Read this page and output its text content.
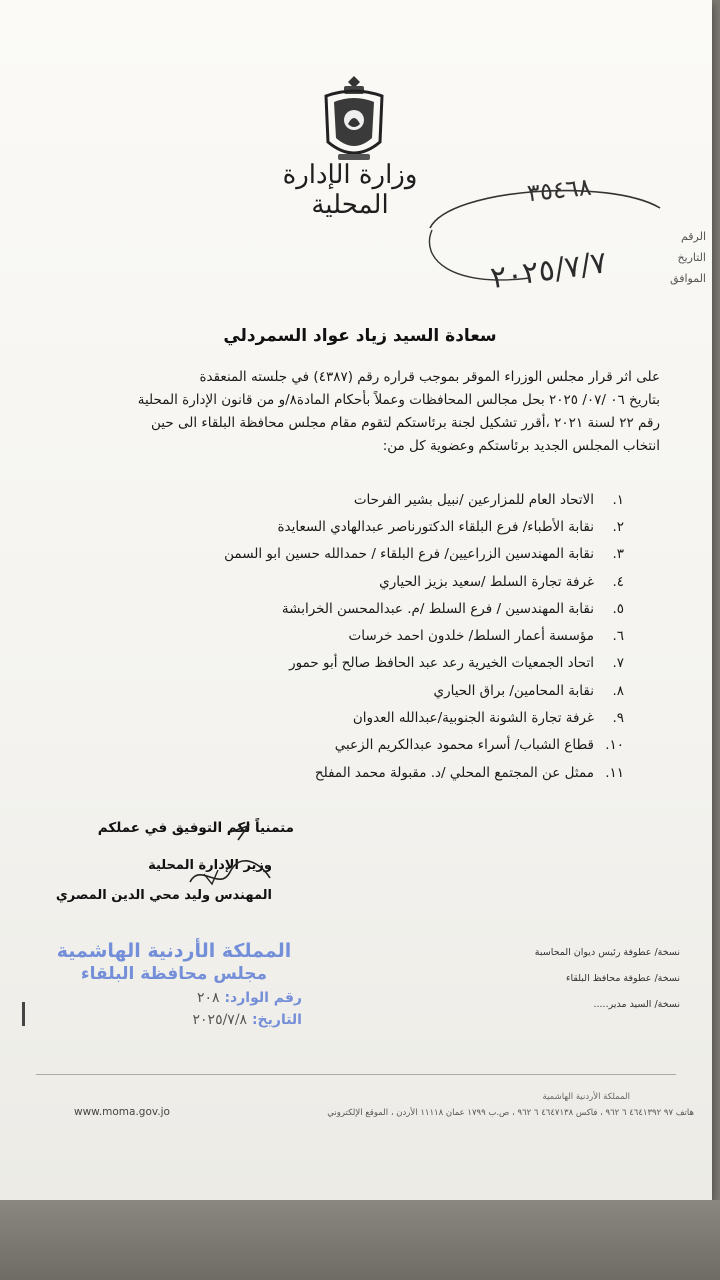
وزارة الإدارة المحلية
الرقم
التاريخ
الموافق
٣٥٤٦٨
٢٠٢٥/٧/٧
سعادة السيد زياد عواد السمردلي
على اثر قرار مجلس الوزراء الموقر بموجب قراره رقم (٤٣٨٧) في جلسته المنعقدة
بتاريخ ٠٦ /٠٧/ ٢٠٢٥ بحل مجالس المحافظات وعملاً بأحكام المادة٨/و من قانون الإدارة المحلية
رقم ٢٢ لسنة ٢٠٢١ ،أقرر تشكيل لجنة برئاستكم لتقوم مقام مجلس محافظة البلقاء الى حين
انتخاب المجلس الجديد برئاستكم وعضوية كل من:
١.
الاتحاد العام للمزارعين /نبيل بشير الفرحات
٢.
نقابة الأطباء/ فرع البلقاء الدكتورناصر عبدالهادي السعايدة
٣.
نقابة المهندسين الزراعيين/ فرع البلقاء / حمدالله حسين ابو السمن
٤.
غرفة تجارة السلط /سعيد بزيز الحياري
٥.
نقابة المهندسين / فرع السلط /م. عبدالمحسن الخرابشة
٦.
مؤسسة أعمار السلط/ خلدون احمد خرسات
٧.
اتحاد الجمعيات الخيرية رعد عبد الحافظ صالح أبو حمور
٨.
نقابة المحامين/ براق الحياري
٩.
غرفة تجارة الشونة الجنوبية/عبدالله العدوان
١٠.
قطاع الشباب/ أسراء محمود عبدالكريم الزعبي
١١.
ممثل عن المجتمع المحلي /د. مقبولة محمد المفلح
متمنياً لكم التوفيق في عملكم
وزير الإدارة المحلية
المهندس وليد محي الدين المصري
نسخة/ عطوفة رئيس ديوان المحاسبة
نسخة/ عطوفة محافظ البلقاء
نسخة/ السيد مدير.....
المملكة الأردنية الهاشمية
مجلس محافظة البلقاء
رقم الوارد: ٢٠٨
التاريخ: ٢٠٢٥/٧/٨
المملكة الأردنية الهاشمية
هاتف ٩٧ ٤٦٤١٣٩٢ ٦ ٩٦٢ ، فاكس ٤٦٤٧١٣٨ ٦ ٩٦٢ ، ص.ب ١٧٩٩ عمان ١١١١٨ الأردن ، الموقع الإلكتروني
www.moma.gov.jo
